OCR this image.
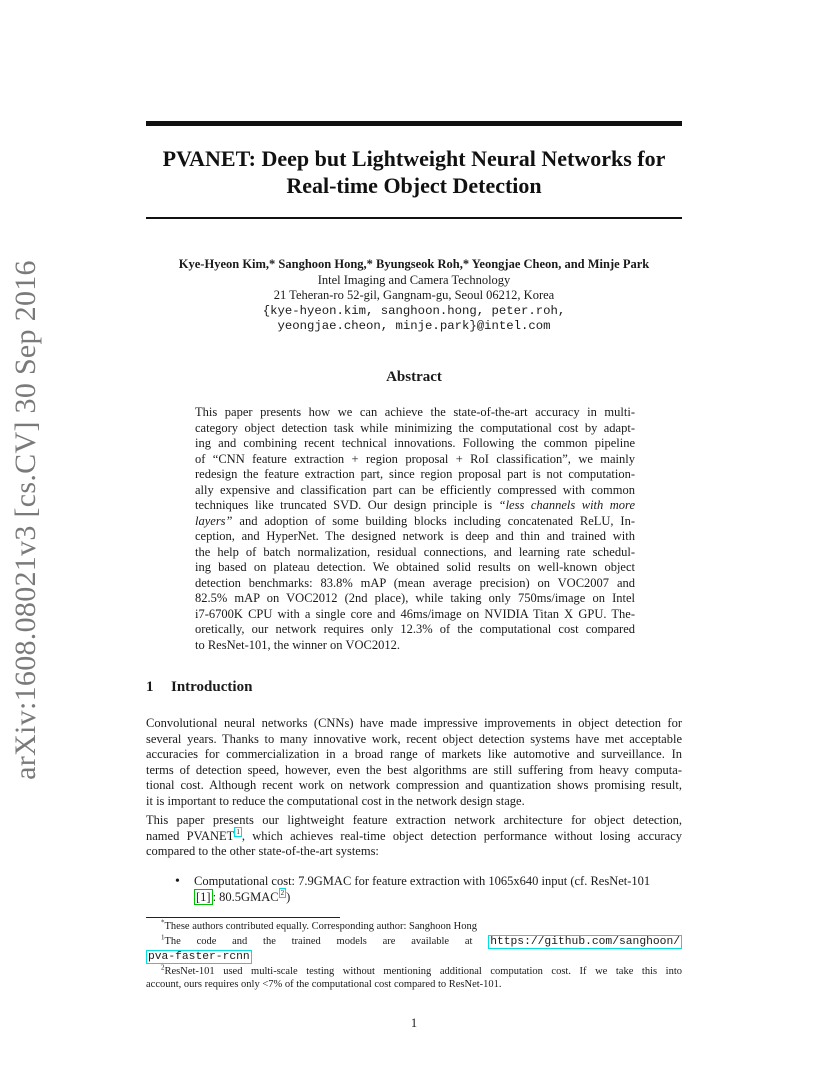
arXiv:1608.08021v3 [cs.CV] 30 Sep 2016
PVANET: Deep but Lightweight Neural Networks for
Real-time Object Detection
Kye-Hyeon Kim,* Sanghoon Hong,* Byungseok Roh,* Yeongjae Cheon, and Minje Park
Intel Imaging and Camera Technology
21 Teheran-ro 52-gil, Gangnam-gu, Seoul 06212, Korea
{kye-hyeon.kim, sanghoon.hong, peter.roh,
yeongjae.cheon, minje.park}@intel.com
Abstract
This paper presents how we can achieve the state-of-the-art accuracy in multi-
category object detection task while minimizing the computational cost by adapt-
ing and combining recent technical innovations. Following the common pipeline
of “CNN feature extraction + region proposal + RoI classification”, we mainly
redesign the feature extraction part, since region proposal part is not computation-
ally expensive and classification part can be efficiently compressed with common
techniques like truncated SVD. Our design principle is “less channels with more
layers” and adoption of some building blocks including concatenated ReLU, In-
ception, and HyperNet. The designed network is deep and thin and trained with
the help of batch normalization, residual connections, and learning rate schedul-
ing based on plateau detection. We obtained solid results on well-known object
detection benchmarks: 83.8% mAP (mean average precision) on VOC2007 and
82.5% mAP on VOC2012 (2nd place), while taking only 750ms/image on Intel
i7-6700K CPU with a single core and 46ms/image on NVIDIA Titan X GPU. The-
oretically, our network requires only 12.3% of the computational cost compared
to ResNet-101, the winner on VOC2012.
1 Introduction
Convolutional neural networks (CNNs) have made impressive improvements in object detection for
several years. Thanks to many innovative work, recent object detection systems have met acceptable
accuracies for commercialization in a broad range of markets like automotive and surveillance. In
terms of detection speed, however, even the best algorithms are still suffering from heavy computa-
tional cost. Although recent work on network compression and quantization shows promising result,
it is important to reduce the computational cost in the network design stage.
This paper presents our lightweight feature extraction network architecture for object detection,
named PVANET $^1$ , which achieves real-time object detection performance without losing accuracy
compared to the other state-of-the-art systems:
• Computational cost: 7.9GMAC for feature extraction with 1065x640 input (cf. ResNet-101
[1] : 80.5GMAC $^2$ )
*These authors contributed equally. Corresponding author: Sanghoon Hong
$^1$The code and the trained models are available at https://github.com/sanghoon/
pva-faster-rcnn
$^2$ResNet-101 used multi-scale testing without mentioning additional computation cost. If we take this into
account, ours requires only <7% of the computational cost compared to ResNet-101.
1
